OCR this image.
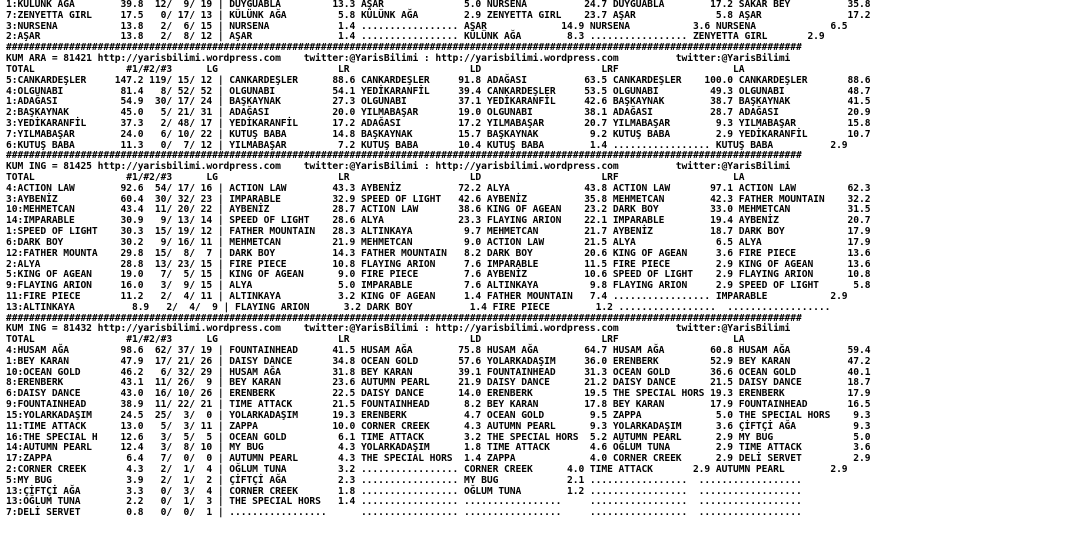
1:KÜLÜNK AĞA        39.8  12/  9/ 19 | DUYGUABLA         13.3 AŞAR              5.0 NURSENA          24.7 DUYGUABLA        17.2 SAKAR BEY          35.8
7:ZENYETTA GIRL     17.5   0/ 17/ 13 | KÜLÜNK AĞA         5.8 KÜLÜNK AĞA        2.9 ZENYETTA GIRL    23.7 AŞAR              5.8 AŞAR               17.2
3:NURSENA           13.8   2/  6/ 15 | NURSENA            1.4 ................. AŞAR             14.9 NURSENA           3.6 NURSENA             6.5
2:AŞAR              13.8   2/  8/ 12 | AŞAR               1.4 ................. KÜLÜNK AĞA        8.3 ................. ZENYETTA GIRL       2.9
###########################################################################################################################################
KUM ARA = 81421 http://yarisbilimi.wordpress.com    twitter:@YarisBilimi : http://yarisbilimi.wordpress.com          twitter:@YarisBilimi
TOTAL                #1/#2/#3      LG                     LR                     LD                     LRF                    LA
5:CANKARDEŞLER     147.2 119/ 15/ 12 | CANKARDEŞLER      88.6 CANKARDEŞLER     91.8 ADAĞASI          63.5 CANKARDEŞLER    100.0 CANKARDEŞLER       88.6
4:OLGUNABI          81.4   8/ 52/ 52 | OLGUNABI          54.1 YEDİKARANFİL     39.4 CANKARDEŞLER     53.5 OLGUNABI         49.3 OLGUNABI           48.7
1:ADAĞASI           54.9  30/ 17/ 24 | BAŞKAYNAK         27.3 OLGUNABI         37.1 YEDİKARANFİL     42.6 BAŞKAYNAK        38.7 BAŞKAYNAK          41.5
2:BAŞKAYNAK         45.0   5/ 21/ 31 | ADAĞASI           20.0 YILMABAŞAR       19.0 OLGUNABI         38.1 ADAĞASI          28.7 ADAĞASI            20.9
3:YEDİKARANFİL      37.3   2/ 48/ 17 | YEDİKARANFİL      17.2 ADAĞASI          17.2 YILMABAŞAR       20.7 YILMABAŞAR        9.3 YILMABAŞAR         15.8
7:YILMABAŞAR        24.0   6/ 10/ 22 | KUTUŞ BABA        14.8 BAŞKAYNAK        15.7 BAŞKAYNAK         9.2 KUTUŞ BABA        2.9 YEDİKARANFİL       10.7
6:KUTUŞ BABA        11.3   0/  7/ 12 | YILMABAŞAR         7.2 KUTUŞ BABA       10.4 KUTUŞ BABA        1.4 ................. KUTUŞ BABA          2.9
###########################################################################################################################################
KUM ING = 81425 http://yarisbilimi.wordpress.com    twitter:@YarisBilimi : http://yarisbilimi.wordpress.com          twitter:@YarisBilimi
TOTAL                #1/#2/#3      LG                     LR                     LD                     LRF                    LA
4:ACTION LAW        92.6  54/ 17/ 16 | ACTION LAW        43.3 AYBENİZ          72.2 ALYA             43.8 ACTION LAW       97.1 ACTION LAW         62.3
3:AYBENİZ           60.4  30/ 32/ 23 | IMPARABLE         32.9 SPEED OF LIGHT   42.6 AYBENİZ          35.8 MEHMETCAN        42.3 FATHER MOUNTAIN    32.2
10:MEHMETCAN        43.4  11/ 20/ 22 | AYBENİZ           28.7 ACTION LAW       38.6 KING OF AGEAN    23.2 DARK BOY         33.0 MEHMETCAN          31.5
14:IMPARABLE        30.9   9/ 13/ 14 | SPEED OF LIGHT    28.6 ALYA             23.3 FLAYING ARION    22.1 IMPARABLE        19.4 AYBENİZ            20.7
1:SPEED OF LIGHT    30.3  15/ 19/ 12 | FATHER MOUNTAIN   28.3 ALTINKAYA         9.7 MEHMETCAN        21.7 AYBENİZ          18.7 DARK BOY           17.9
6:DARK BOY          30.2   9/ 16/ 11 | MEHMETCAN         21.9 MEHMETCAN         9.0 ACTION LAW       21.5 ALYA              6.5 ALYA               17.9
12:FATHER MOUNTA    29.8  15/  8/  7 | DARK BOY          14.3 FATHER MOUNTAIN   8.2 DARK BOY         20.6 KING OF AGEAN     3.6 FIRE PIECE         13.6
2:ALYA              28.8  13/ 23/ 15 | FIRE PIECE        10.8 FLAYING ARION     7.6 IMPARABLE        11.5 FIRE PIECE        2.9 KING OF AGEAN      13.6
5:KING OF AGEAN     19.0   7/  5/ 15 | KING OF AGEAN      9.0 FIRE PIECE        7.6 AYBENİZ          10.6 SPEED OF LIGHT    2.9 FLAYING ARION      10.8
9:FLAYING ARION     16.0   3/  9/ 15 | ALYA               5.0 IMPARABLE         7.6 ALTINKAYA         9.8 FLAYING ARION     2.9 SPEED OF LIGHT      5.8
11:FIRE PIECE       11.2   2/  4/ 11 | ALTINKAYA          3.2 KING OF AGEAN     1.4 FATHER MOUNTAIN   7.4 ................. IMPARABLE           2.9
13:ALTINKAYA          8.9   2/  4/  9 | FLAYING ARION      3.2 DARK BOY          1.4 FIRE PIECE        1.2 .................  ..................
###########################################################################################################################################
KUM ING = 81432 http://yarisbilimi.wordpress.com    twitter:@YarisBilimi : http://yarisbilimi.wordpress.com          twitter:@YarisBilimi
TOTAL                #1/#2/#3      LG                     LR                     LD                     LRF                    LA
4:HUSAM AĞA         98.6  62/ 37/ 19 | FOUNTAINHEAD      41.5 HUSAM AĞA        75.8 HUSAM AĞA        64.7 HUSAM AĞA        60.8 HUSAM AĞA          59.4
1:BEY KARAN         47.9  17/ 21/ 26 | DAISY DANCE       34.8 OCEAN GOLD       57.6 YOLARKADAŞIM     36.0 ERENBERK         52.9 BEY KARAN          47.2
10:OCEAN GOLD       46.2   6/ 32/ 29 | HUSAM AĞA         31.8 BEY KARAN        39.1 FOUNTAINHEAD     31.3 OCEAN GOLD       36.6 OCEAN GOLD         40.1
8:ERENBERK          43.1  11/ 26/  9 | BEY KARAN         23.6 AUTUMN PEARL     21.9 DAISY DANCE      21.2 DAISY DANCE      21.5 DAISY DANCE        18.7
6:DAISY DANCE       43.0  16/ 10/ 26 | ERENBERK          22.5 DAISY DANCE      14.0 ERENBERK         19.5 THE SPECIAL HORS 19.3 ERENBERK           17.9
9:FOUNTAINHEAD      38.9  11/ 22/ 21 | TIME ATTACK       21.5 FOUNTAINHEAD      8.2 BEY KARAN        17.8 BEY KARAN        17.9 FOUNTAINHEAD       16.5
15:YOLARKADAŞIM     24.5  25/  3/  0 | YOLARKADAŞIM      19.3 ERENBERK          4.7 OCEAN GOLD        9.5 ZAPPA             5.0 THE SPECIAL HORS    9.3
11:TIME ATTACK      13.0   5/  3/ 11 | ZAPPA             10.0 CORNER CREEK      4.3 AUTUMN PEARL      9.3 YOLARKADAŞIM      3.6 ÇİFTÇİ AĞA          9.3
16:THE SPECIAL H    12.6   3/  5/  5 | OCEAN GOLD         6.1 TIME ATTACK       3.2 THE SPECIAL HORS  5.2 AUTUMN PEARL      2.9 MY BUG              5.0
14:AUTUMN PEARL     12.4   3/  8/ 10 | MY BUG             4.3 YOLARKADAŞIM      1.8 TIME ATTACK       4.6 OĞLUM TUNA        2.9 TIME ATTACK         3.6
17:ZAPPA             6.4   7/  0/  0 | AUTUMN PEARL       4.3 THE SPECIAL HORS  1.4 ZAPPA             4.0 CORNER CREEK      2.9 DELİ SERVET         2.9
2:CORNER CREEK       4.3   2/  1/  4 | OĞLUM TUNA         3.2 ................. CORNER CREEK      4.0 TIME ATTACK       2.9 AUTUMN PEARL        2.9
5:MY BUG             3.9   2/  1/  2 | ÇİFTÇİ AĞA         2.3 ................. MY BUG            2.1 .................  ..................
13:ÇİFTÇİ AĞA        3.3   0/  3/  4 | CORNER CREEK       1.8 ................. OĞLUM TUNA        1.2 .................  ..................
13:OĞLUM TUNA        2.2   0/  1/  3 | THE SPECIAL HORS   1.4 ................. .................     .................  ..................
7:DELİ SERVET        0.8   0/  0/  1 | .................      ................. .................     .................  ..................
